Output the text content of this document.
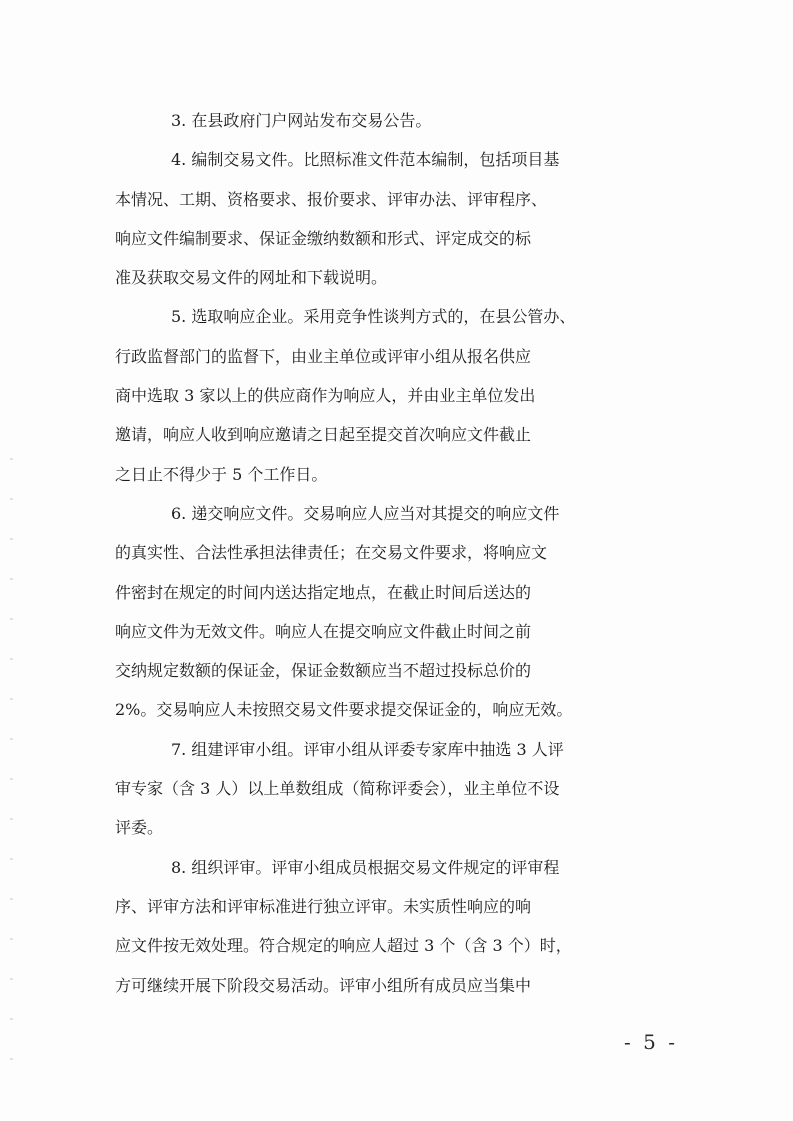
3. 在县政府门户网站发布交易公告。
4. 编制交易文件。比照标准文件范本编制，包括项目基
本情况、工期、资格要求、报价要求、评审办法、评审程序、
响应文件编制要求、保证金缴纳数额和形式、评定成交的标
准及获取交易文件的网址和下载说明。
5. 选取响应企业。采用竞争性谈判方式的，在县公管办、
行政监督部门的监督下，由业主单位或评审小组从报名供应
商中选取 3 家以上的供应商作为响应人，并由业主单位发出
邀请，响应人收到响应邀请之日起至提交首次响应文件截止
之日止不得少于 5 个工作日。
6. 递交响应文件。交易响应人应当对其提交的响应文件
的真实性、合法性承担法律责任；在交易文件要求，将响应文
件密封在规定的时间内送达指定地点，在截止时间后送达的
响应文件为无效文件。响应人在提交响应文件截止时间之前
交纳规定数额的保证金，保证金数额应当不超过投标总价的
2%。交易响应人未按照交易文件要求提交保证金的，响应无效。
7. 组建评审小组。评审小组从评委专家库中抽选 3 人评
审专家（含 3 人）以上单数组成（简称评委会），业主单位不设
评委。
8. 组织评审。评审小组成员根据交易文件规定的评审程
序、评审方法和评审标准进行独立评审。未实质性响应的响
应文件按无效处理。符合规定的响应人超过 3 个（含 3 个）时，
方可继续开展下阶段交易活动。评审小组所有成员应当集中
- 5 -
